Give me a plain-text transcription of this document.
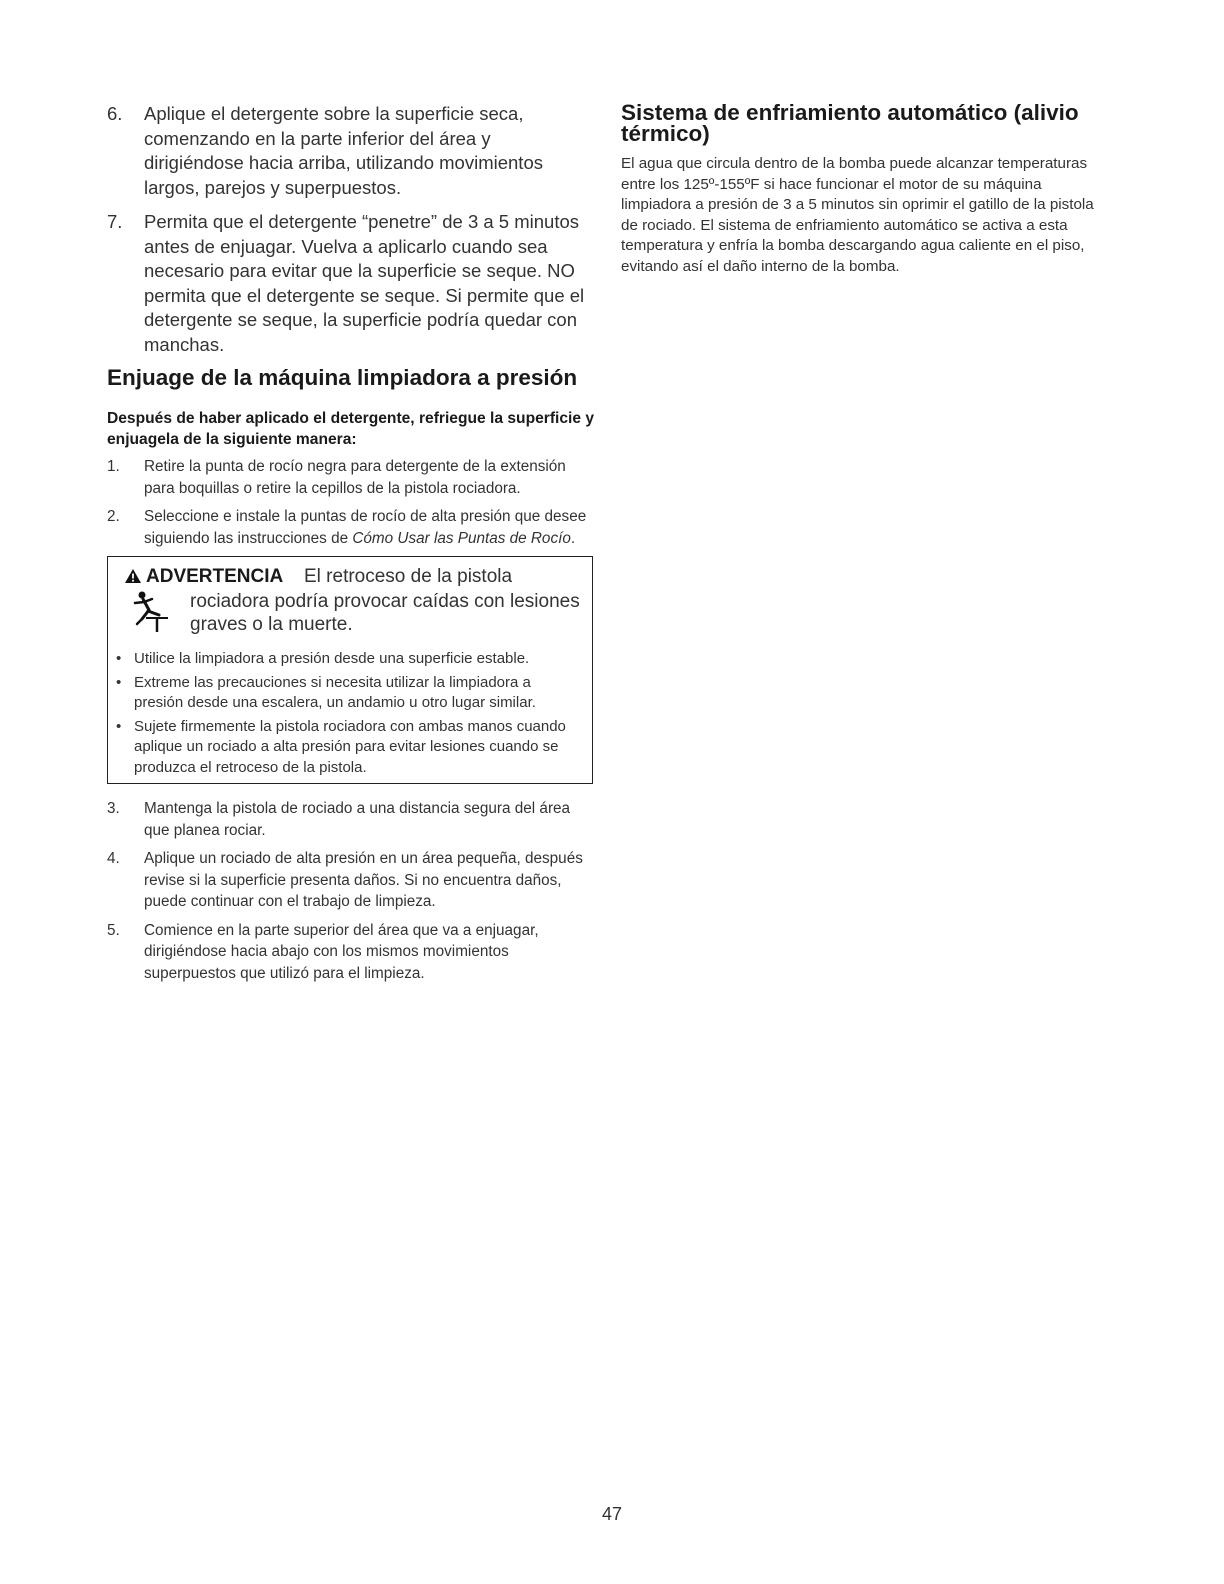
6. Aplique el detergente sobre la superficie seca, comenzando en la parte inferior del área y dirigiéndose hacia arriba, utilizando movimientos largos, parejos y superpuestos.
7. Permita que el detergente “penetre” de 3 a 5 minutos antes de enjuagar. Vuelva a aplicarlo cuando sea necesario para evitar que la superficie se seque. NO permita que el detergente se seque. Si permite que el detergente se seque, la superficie podría quedar con manchas.
Enjuage de la máquina limpiadora a presión

Después de haber aplicado el detergente, refriegue la superficie y enjuagela de la siguiente manera:

1. Retire la punta de rocío negra para detergente de la extensión para boquillas o retire la cepillos de la pistola rociadora.
2. Seleccione e instale la puntas de rocío de alta presión que desee siguiendo las instrucciones de Cómo Usar las Puntas de Rocío.
ADVERTENCIA El retroceso de la pistola
rociadora podría provocar caídas con lesiones graves o la muerte.
• Utilice la limpiadora a presión desde una superficie estable.
• Extreme las precauciones si necesita utilizar la limpiadora a presión desde una escalera, un andamio u otro lugar similar.
• Sujete firmemente la pistola rociadora con ambas manos cuando aplique un rociado a alta presión para evitar lesiones cuando se produzca el retroceso de la pistola.
3. Mantenga la pistola de rociado a una distancia segura del área que planea rociar.
4. Aplique un rociado de alta presión en un área pequeña, después revise si la superficie presenta daños. Si no encuentra daños, puede continuar con el trabajo de limpieza.
5. Comience en la parte superior del área que va a enjuagar, dirigiéndose hacia abajo con los mismos movimientos superpuestos que utilizó para el limpieza.
Sistema de enfriamiento automático (alivio térmico)

El agua que circula dentro de la bomba puede alcanzar temperaturas entre los 125º-155ºF si hace funcionar el motor de su máquina limpiadora a presión de 3 a 5 minutos sin oprimir el gatillo de la pistola de rociado. El sistema de enfriamiento automático se activa a esta temperatura y enfría la bomba descargando agua caliente en el piso, evitando así el daño interno de la bomba.

47
